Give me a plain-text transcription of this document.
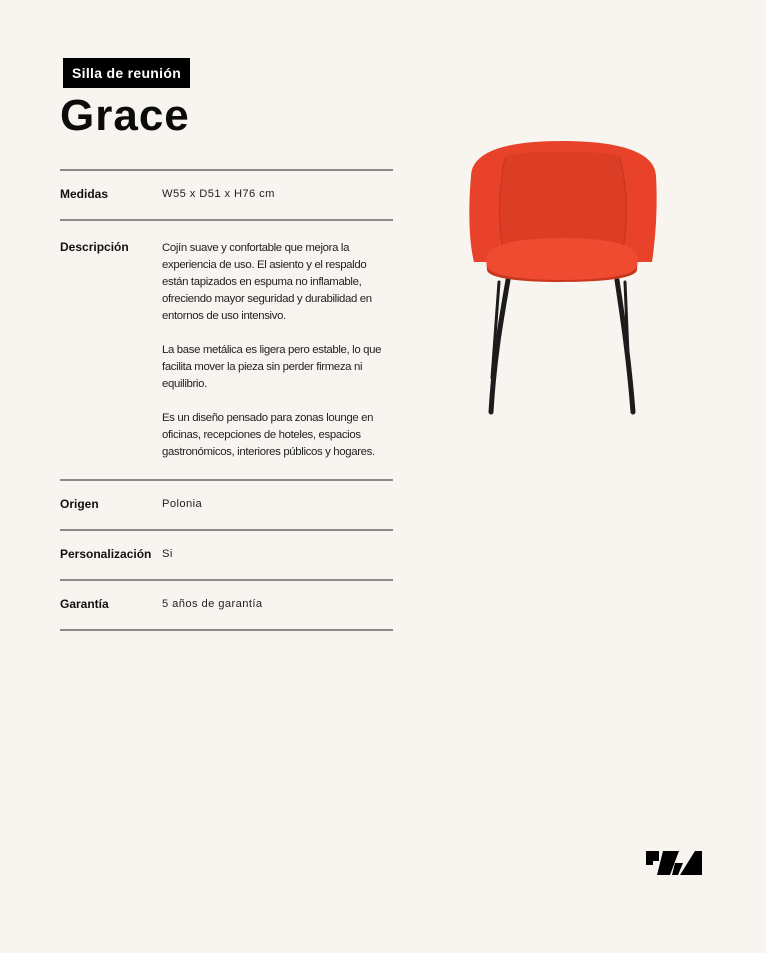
Silla de reunión
Grace
Medidas	W55 x D51 x H76 cm
Descripción	Cojín suave y confortable que mejora la experiencia de uso. El asiento y el respaldo están tapizados en espuma no inflamable, ofreciendo mayor seguridad y durabilidad en entornos de uso intensivo.

La base metálica es ligera pero estable, lo que facilita mover la pieza sin perder firmeza ni equilibrio.

Es un diseño pensado para zonas lounge en oficinas, recepciones de hoteles, espacios gastronómicos, interiores públicos y hogares.

Origen	Polonia
Personalización Si
Garantía	5 años de garantía
